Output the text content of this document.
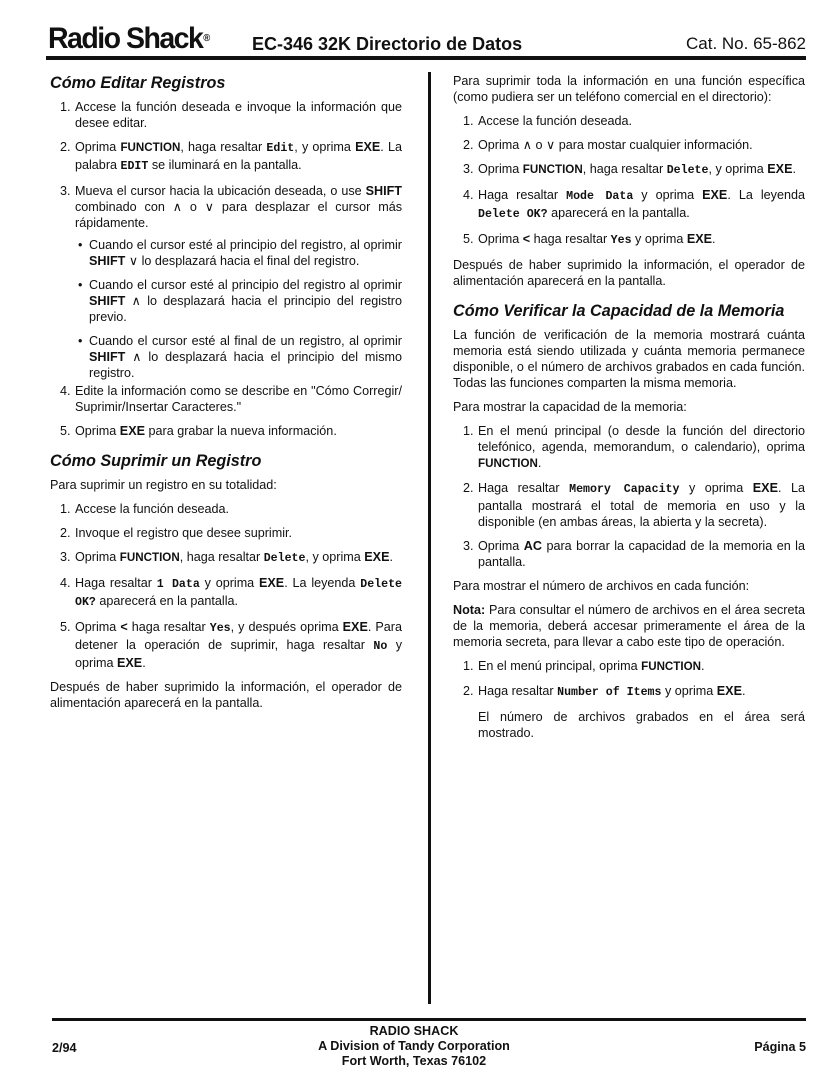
Radio Shack® EC-346 32K Directorio de Datos	Cat. No. 65-862
Cómo Editar Registros
1. Accese la función deseada e invoque la información que desee editar.
2. Oprima FUNCTION, haga resaltar Edit, y oprima EXE. La palabra EDIT se iluminará en la pantalla.
3. Mueva el cursor hacia la ubicación deseada, o use SHIFT combinado con ∧ o ∨ para desplazar el cursor más rápidamente.
• Cuando el cursor esté al principio del registro, al oprimir SHIFT ∨ lo desplazará hacia el final del registro.
• Cuando el cursor esté al principio del registro al oprimir SHIFT ∧ lo desplazará hacia el principio del registro previo.
• Cuando el cursor esté al final de un registro, al oprimir SHIFT ∧ lo desplazará hacia el principio del mismo registro.
4. Edite la información como se describe en "Cómo Corregir/ Suprimir/Insertar Caracteres."
5. Oprima EXE para grabar la nueva información.
Cómo Suprimir un Registro

Para suprimir un registro en su totalidad:

1. Accese la función deseada.
2. Invoque el registro que desee suprimir.
3. Oprima FUNCTION, haga resaltar Delete, y oprima EXE.
4. Haga resaltar 1 Data y oprima EXE. La leyenda Delete OK? aparecerá en la pantalla.
5. Oprima < haga resaltar Yes, y después oprima EXE. Para detener la operación de suprimir, haga resaltar No y oprima EXE.

Después de haber suprimido la información, el operador de alimentación aparecerá en la pantalla.

Para suprimir toda la información en una función específica (como pudiera ser un teléfono comercial en el directorio):

1. Accese la función deseada.
2. Oprima ∧ o ∨ para mostar cualquier información.
3. Oprima FUNCTION, haga resaltar Delete, y oprima EXE.
4. Haga resaltar Mode Data y oprima EXE. La leyenda Delete OK? aparecerá en la pantalla.
5. Oprima < haga resaltar Yes y oprima EXE.

Después de haber suprimido la información, el operador de alimentación aparecerá en la pantalla.

Cómo Verificar la Capacidad de la Memoria

La función de verificación de la memoria mostrará cuánta memoria está siendo utilizada y cuánta memoria permanece disponible, o el número de archivos grabados en cada función. Todas las funciones comparten la misma memoria.

Para mostrar la capacidad de la memoria:

1. En el menú principal (o desde la función del directorio telefónico, agenda, memorandum, o calendario), oprima FUNCTION.
2. Haga resaltar Memory Capacity y oprima EXE. La pantalla mostrará el total de memoria en uso y la disponible (en ambas áreas, la abierta y la secreta).
3. Oprima AC para borrar la capacidad de la memoria en la pantalla.

Para mostrar el número de archivos en cada función:

Nota: Para consultar el número de archivos en el área secreta de la memoria, deberá accesar primeramente el área de la memoria secreta, para llevar a cabo este tipo de operación.

1. En el menú principal, oprima FUNCTION.
2. Haga resaltar Number of Items y oprima EXE.

El número de archivos grabados en el área será mostrado.

2/94
RADIO SHACK
A Division of Tandy Corporation
Fort Worth, Texas 76102
Página 5
